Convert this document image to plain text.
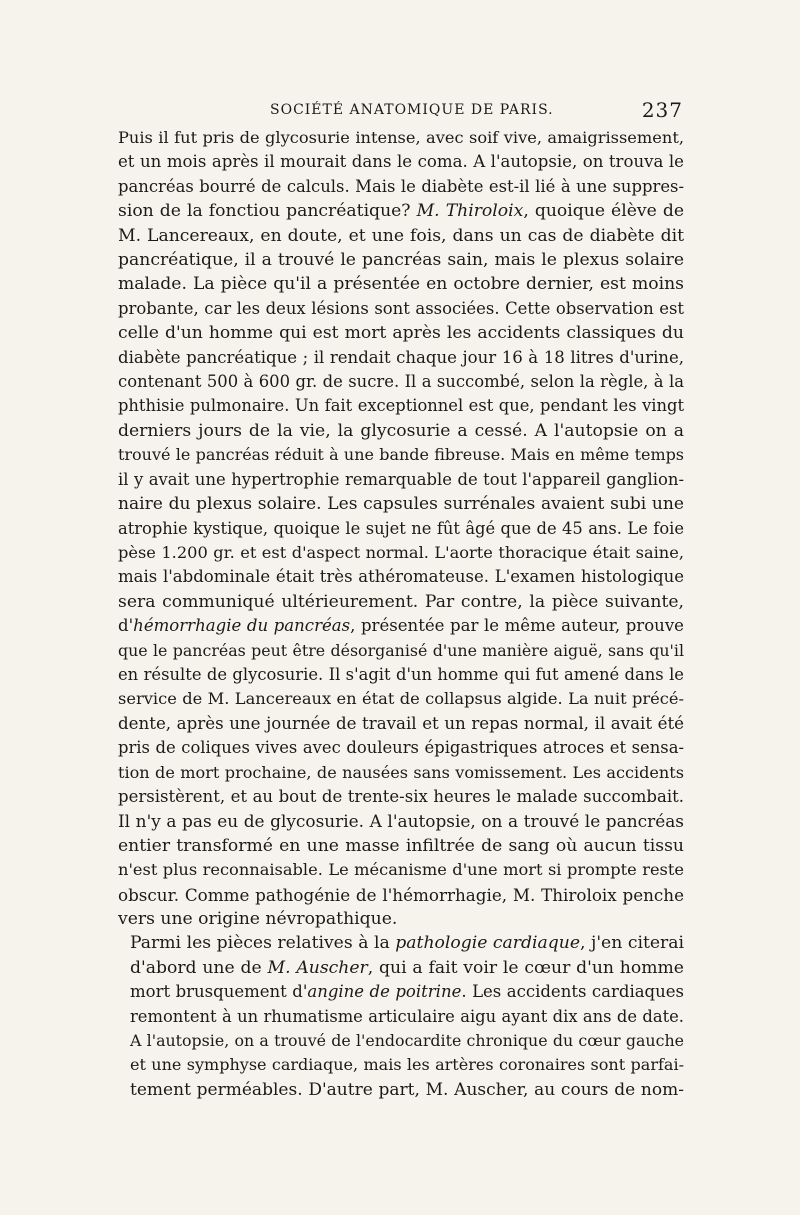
SOCIÉTÉ ANATOMIQUE DE PARIS.	237

Puis il fut pris de glycosurie intense, avec soif vive, amaigrissement,
et un mois après il mourait dans le coma. A l'autopsie, on trouva le
pancréas bourré de calculs. Mais le diabète est-il lié à une suppres-
sion de la fonctiou pancréatique? M. Thiroloix, quoique élève de
M. Lancereaux, en doute, et une fois, dans un cas de diabète dit
pancréatique, il a trouvé le pancréas sain, mais le plexus solaire
malade. La pièce qu'il a présentée en octobre dernier, est moins
probante, car les deux lésions sont associées. Cette observation est
celle d'un homme qui est mort après les accidents classiques du
diabète pancréatique ; il rendait chaque jour 16 à 18 litres d'urine,
contenant 500 à 600 gr. de sucre. Il a succombé, selon la règle, à la
phthisie pulmonaire. Un fait exceptionnel est que, pendant les vingt
derniers jours de la vie, la glycosurie a cessé. A l'autopsie on a
trouvé le pancréas réduit à une bande fibreuse. Mais en même temps
il y avait une hypertrophie remarquable de tout l'appareil ganglion-
naire du plexus solaire. Les capsules surrénales avaient subi une
atrophie kystique, quoique le sujet ne fût âgé que de 45 ans. Le foie
pèse 1.200 gr. et est d'aspect normal. L'aorte thoracique était saine,
mais l'abdominale était très athéromateuse. L'examen histologique
sera communiqué ultérieurement. Par contre, la pièce suivante,
d'hémorrhagie du pancréas, présentée par le même auteur, prouve
que le pancréas peut être désorganisé d'une manière aiguë, sans qu'il
en résulte de glycosurie. Il s'agit d'un homme qui fut amené dans le
service de M. Lancereaux en état de collapsus algide. La nuit précé-
dente, après une journée de travail et un repas normal, il avait été
pris de coliques vives avec douleurs épigastriques atroces et sensa-
tion de mort prochaine, de nausées sans vomissement. Les accidents
persistèrent, et au bout de trente-six heures le malade succombait.
Il n'y a pas eu de glycosurie. A l'autopsie, on a trouvé le pancréas
entier transformé en une masse infiltrée de sang où aucun tissu
n'est plus reconnaisable. Le mécanisme d'une mort si prompte reste
obscur. Comme pathogénie de l'hémorrhagie, M. Thiroloix penche
vers une origine névropathique.

Parmi les pièces relatives à la pathologie cardiaque, j'en citerai
d'abord une de M. Auscher, qui a fait voir le cœur d'un homme
mort brusquement d'angine de poitrine. Les accidents cardiaques
remontent à un rhumatisme articulaire aigu ayant dix ans de date.
A l'autopsie, on a trouvé de l'endocardite chronique du cœur gauche
et une symphyse cardiaque, mais les artères coronaires sont parfai-
tement perméables. D'autre part, M. Auscher, au cours de nom-
